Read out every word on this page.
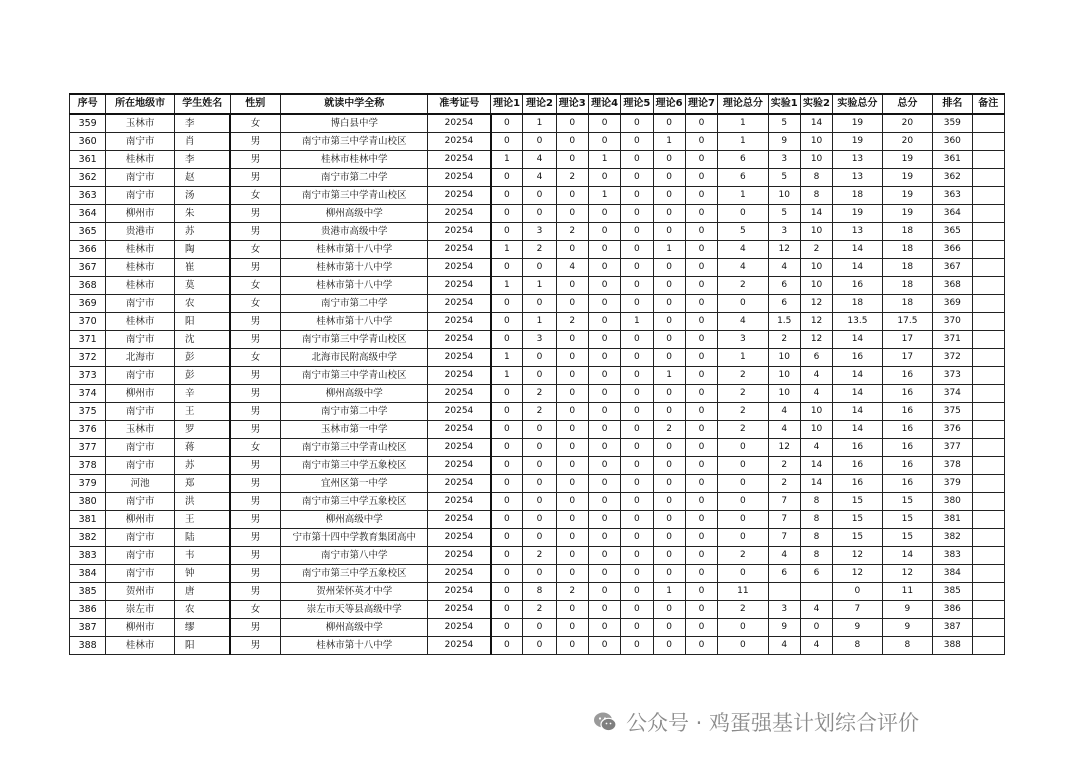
序号	所在地级市	学生姓名	性别	就读中学全称	准考证号	理论1	理论2	理论3	理论4	理论5	理论6	理论7	理论总分	实验1	实验2	实验总分	总分	排名	备注
359	玉林市	李	女	博白县中学	20254	0	1	0	0	0	0	0	1	5	14	19	20	359	
360	南宁市	肖	男	南宁市第三中学青山校区	20254	0	0	0	0	0	1	0	1	9	10	19	20	360	
361	桂林市	李	男	桂林市桂林中学	20254	1	4	0	1	0	0	0	6	3	10	13	19	361	
362	南宁市	赵	男	南宁市第二中学	20254	0	4	2	0	0	0	0	6	5	8	13	19	362	
363	南宁市	汤	女	南宁市第三中学青山校区	20254	0	0	0	1	0	0	0	1	10	8	18	19	363	
364	柳州市	朱	男	柳州高级中学	20254	0	0	0	0	0	0	0	0	5	14	19	19	364	
365	贵港市	苏	男	贵港市高级中学	20254	0	3	2	0	0	0	0	5	3	10	13	18	365	
366	桂林市	陶	女	桂林市第十八中学	20254	1	2	0	0	0	1	0	4	12	2	14	18	366	
367	桂林市	崔	男	桂林市第十八中学	20254	0	0	4	0	0	0	0	4	4	10	14	18	367	
368	桂林市	莫	女	桂林市第十八中学	20254	1	1	0	0	0	0	0	2	6	10	16	18	368	
369	南宁市	农	女	南宁市第二中学	20254	0	0	0	0	0	0	0	0	6	12	18	18	369	
370	桂林市	阳	男	桂林市第十八中学	20254	0	1	2	0	1	0	0	4	1.5	12	13.5	17.5	370	
371	南宁市	沈	男	南宁市第三中学青山校区	20254	0	3	0	0	0	0	0	3	2	12	14	17	371	
372	北海市	彭	女	北海市民附高级中学	20254	1	0	0	0	0	0	0	1	10	6	16	17	372	
373	南宁市	彭	男	南宁市第三中学青山校区	20254	1	0	0	0	0	1	0	2	10	4	14	16	373	
374	柳州市	辛	男	柳州高级中学	20254	0	2	0	0	0	0	0	2	10	4	14	16	374	
375	南宁市	王	男	南宁市第二中学	20254	0	2	0	0	0	0	0	2	4	10	14	16	375	
376	玉林市	罗	男	玉林市第一中学	20254	0	0	0	0	0	2	0	2	4	10	14	16	376	
377	南宁市	蒋	女	南宁市第三中学青山校区	20254	0	0	0	0	0	0	0	0	12	4	16	16	377	
378	南宁市	苏	男	南宁市第三中学五象校区	20254	0	0	0	0	0	0	0	0	2	14	16	16	378	
379	河池	郑	男	宜州区第一中学	20254	0	0	0	0	0	0	0	0	2	14	16	16	379	
380	南宁市	洪	男	南宁市第三中学五象校区	20254	0	0	0	0	0	0	0	0	7	8	15	15	380	
381	柳州市	王	男	柳州高级中学	20254	0	0	0	0	0	0	0	0	7	8	15	15	381	
382	南宁市	陆	男	宁市第十四中学教育集团高中	20254	0	0	0	0	0	0	0	0	7	8	15	15	382	
383	南宁市	韦	男	南宁市第八中学	20254	0	2	0	0	0	0	0	2	4	8	12	14	383	
384	南宁市	钟	男	南宁市第三中学五象校区	20254	0	0	0	0	0	0	0	0	6	6	12	12	384	
385	贺州市	唐	男	贺州荣怀英才中学	20254	0	8	2	0	0	1	0	11			0	11	385	
386	崇左市	农	女	崇左市天等县高级中学	20254	0	2	0	0	0	0	0	2	3	4	7	9	386	
387	柳州市	缪	男	柳州高级中学	20254	0	0	0	0	0	0	0	0	9	0	9	9	387	
388	桂林市	阳	男	桂林市第十八中学	20254	0	0	0	0	0	0	0	0	4	4	8	8	388	
公众号 · 鸡蛋强基计划综合评价
